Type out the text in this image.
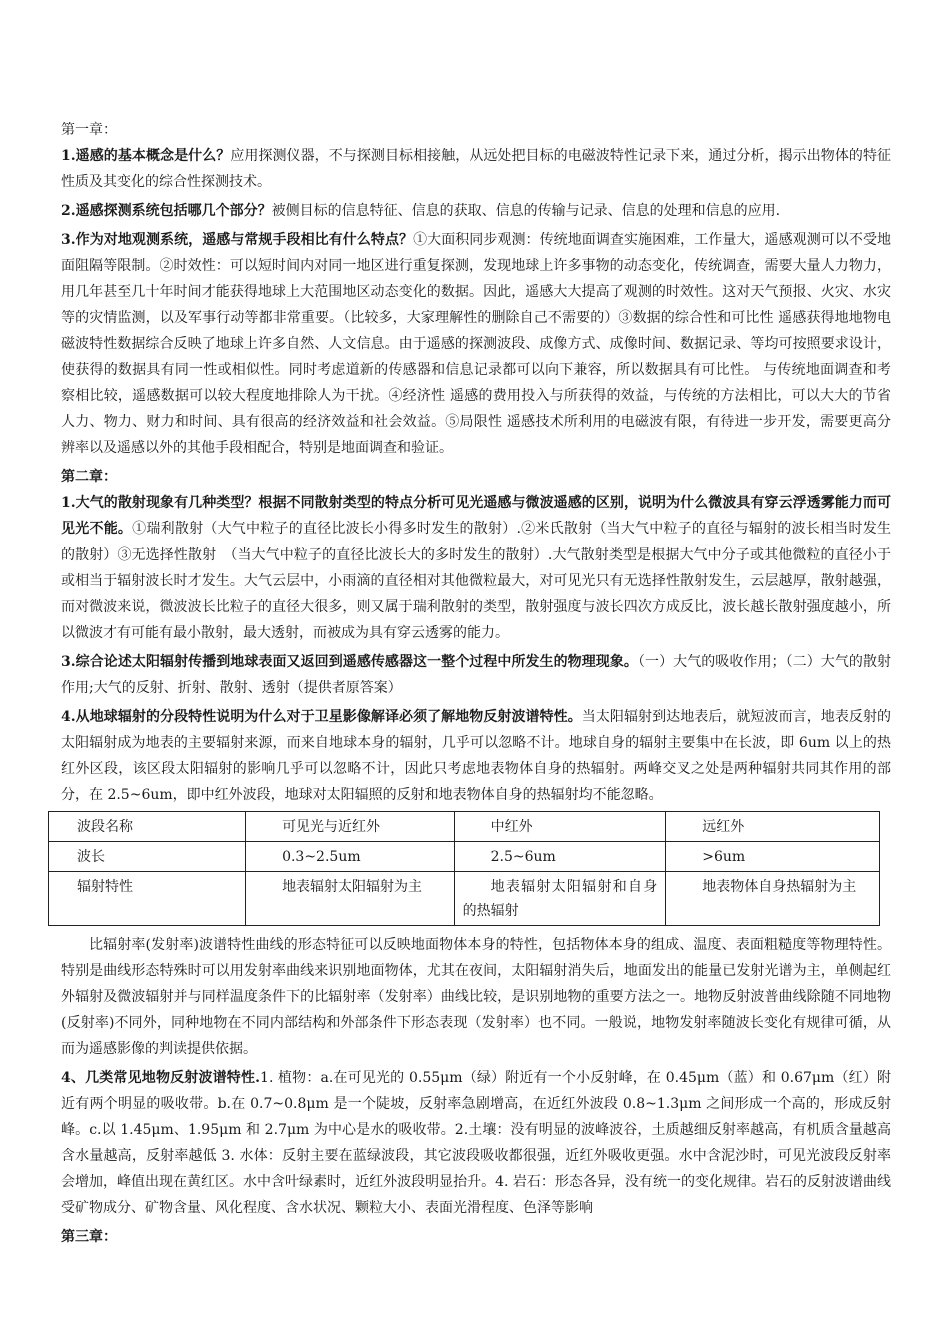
第一章：

1.遥感的基本概念是什么？应用探测仪器，不与探测目标相接触，从远处把目标的电磁波特性记录下来，通过分析，揭示出物体的特征性质及其变化的综合性探测技术。

2.遥感探测系统包括哪几个部分？被侧目标的信息特征、信息的获取、信息的传输与记录、信息的处理和信息的应用.

3.作为对地观测系统，遥感与常规手段相比有什么特点？①大面积同步观测：传统地面调查实施困难，工作量大，遥感观测可以不受地面阻隔等限制。②时效性：可以短时间内对同一地区进行重复探测，发现地球上许多事物的动态变化，传统调查，需要大量人力物力，用几年甚至几十年时间才能获得地球上大范围地区动态变化的数据。因此，遥感大大提高了观测的时效性。这对天气预报、火灾、水灾等的灾情监测，以及军事行动等都非常重要。（比较多，大家理解性的删除自己不需要的）③数据的综合性和可比性 遥感获得地地物电磁波特性数据综合反映了地球上许多自然、人文信息。由于遥感的探测波段、成像方式、成像时间、数据记录、等均可按照要求设计，使获得的数据具有同一性或相似性。同时考虑道新的传感器和信息记录都可以向下兼容，所以数据具有可比性。 与传统地面调查和考察相比较，遥感数据可以较大程度地排除人为干扰。④经济性 遥感的费用投入与所获得的效益，与传统的方法相比，可以大大的节省人力、物力、财力和时间、具有很高的经济效益和社会效益。⑤局限性 遥感技术所利用的电磁波有限，有待进一步开发，需要更高分辨率以及遥感以外的其他手段相配合，特别是地面调查和验证。

第二章：

1.大气的散射现象有几种类型？根据不同散射类型的特点分析可见光遥感与微波遥感的区别，说明为什么微波具有穿云浮透雾能力而可见光不能。①瑞利散射（大气中粒子的直径比波长小得多时发生的散射）.②米氏散射（当大气中粒子的直径与辐射的波长相当时发生的散射）③无选择性散射　（当大气中粒子的直径比波长大的多时发生的散射）.大气散射类型是根据大气中分子或其他微粒的直径小于或相当于辐射波长时才发生。大气云层中，小雨滴的直径相对其他微粒最大，对可见光只有无选择性散射发生，云层越厚，散射越强，而对微波来说，微波波长比粒子的直径大很多，则又属于瑞利散射的类型，散射强度与波长四次方成反比，波长越长散射强度越小，所以微波才有可能有最小散射，最大透射，而被成为具有穿云透雾的能力。

3.综合论述太阳辐射传播到地球表面又返回到遥感传感器这一整个过程中所发生的物理现象。（一）大气的吸收作用；（二）大气的散射作用;大气的反射、折射、散射、透射（提供者原答案）

4.从地球辐射的分段特性说明为什么对于卫星影像解译必须了解地物反射波谱特性。当太阳辐射到达地表后，就短波而言，地表反射的太阳辐射成为地表的主要辐射来源，而来自地球本身的辐射，几乎可以忽略不计。地球自身的辐射主要集中在长波，即 6um 以上的热红外区段，该区段太阳辐射的影响几乎可以忽略不计，因此只考虑地表物体自身的热辐射。两峰交叉之处是两种辐射共同其作用的部分，在 2.5~6um，即中红外波段，地球对太阳辐照的反射和地表物体自身的热辐射均不能忽略。

波段名称	可见光与近红外	中红外	远红外
波长	0.3~2.5um	2.5~6um	>6um
辐射特性	地表辐射太阳辐射为主	地表辐射太阳辐射和自身的热辐射	地表物体自身热辐射为主

比辐射率(发射率)波谱特性曲线的形态特征可以反映地面物体本身的特性，包括物体本身的组成、温度、表面粗糙度等物理特性。特别是曲线形态特殊时可以用发射率曲线来识别地面物体，尤其在夜间，太阳辐射消失后，地面发出的能量已发射光谱为主，单侧起红外辐射及微波辐射并与同样温度条件下的比辐射率（发射率）曲线比较，是识别地物的重要方法之一。地物反射波普曲线除随不同地物(反射率)不同外，同种地物在不同内部结构和外部条件下形态表现（发射率）也不同。一般说，地物发射率随波长变化有规律可循，从而为遥感影像的判读提供依据。

4、几类常见地物反射波谱特性.1. 植物：a.在可见光的 0.55μm（绿）附近有一个小反射峰，在 0.45μm（蓝）和 0.67μm（红）附近有两个明显的吸收带。b.在 0.7~0.8μm 是一个陡坡，反射率急剧增高，在近红外波段 0.8~1.3μm 之间形成一个高的，形成反射峰。c.以 1.45μm、1.95μm 和 2.7μm 为中心是水的吸收带。2.土壤：没有明显的波峰波谷，土质越细反射率越高，有机质含量越高含水量越高，反射率越低 3. 水体：反射主要在蓝绿波段，其它波段吸收都很强，近红外吸收更强。水中含泥沙时，可见光波段反射率会增加，峰值出现在黄红区。水中含叶绿素时，近红外波段明显抬升。4. 岩石：形态各异，没有统一的变化规律。岩石的反射波谱曲线受矿物成分、矿物含量、风化程度、含水状况、颗粒大小、表面光滑程度、色泽等影响

第三章：
